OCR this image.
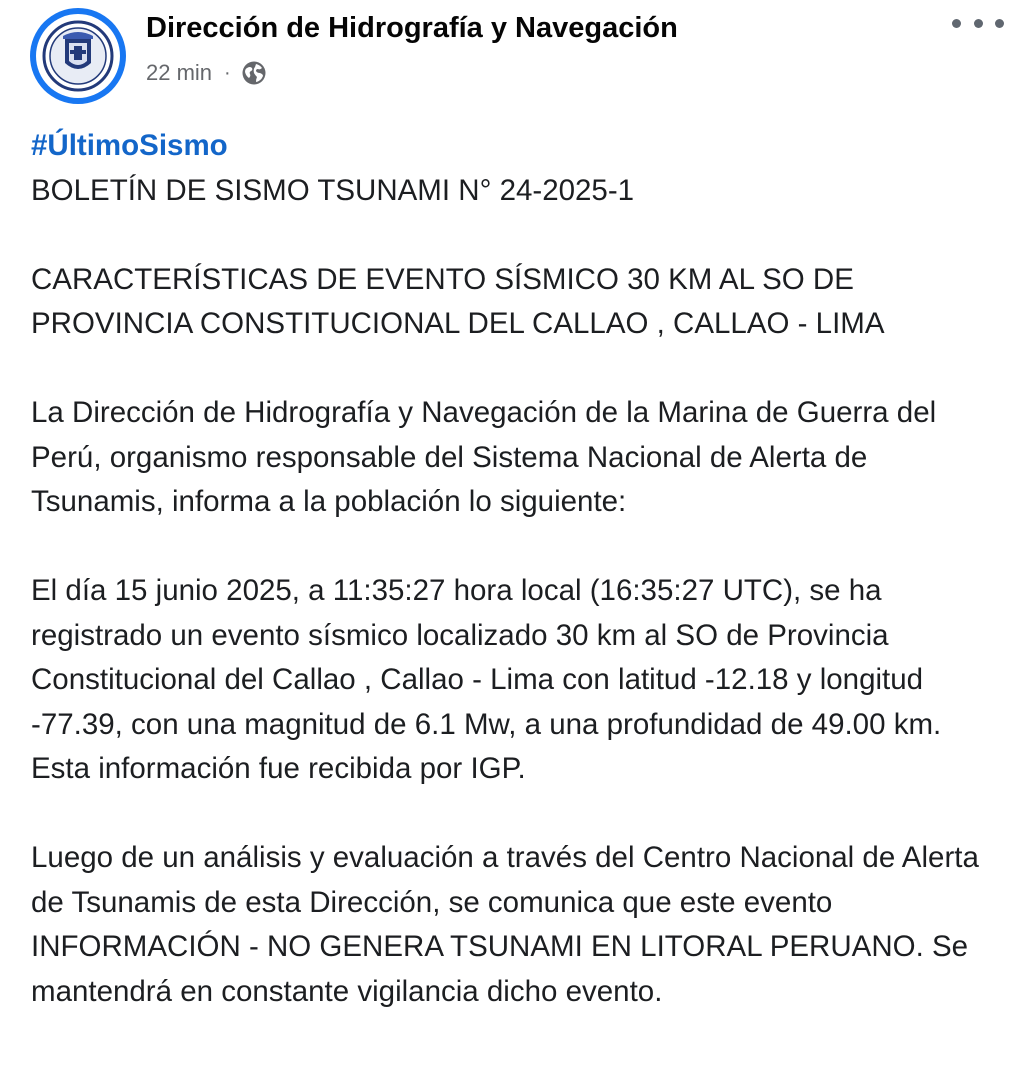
Dirección de Hidrografía y Navegación
22 min ·

#ÚltimoSismo

BOLETÍN DE SISMO TSUNAMI N° 24-2025-1

CARACTERÍSTICAS DE EVENTO SÍSMICO 30 KM AL SO DE PROVINCIA CONSTITUCIONAL DEL CALLAO , CALLAO - LIMA

La Dirección de Hidrografía y Navegación de la Marina de Guerra del Perú, organismo responsable del Sistema Nacional de Alerta de Tsunamis, informa a la población lo siguiente:

El día 15 junio 2025, a 11:35:27 hora local (16:35:27 UTC), se ha registrado un evento sísmico localizado 30 km al SO de Provincia Constitucional del Callao , Callao - Lima con latitud -12.18 y longitud -77.39, con una magnitud de 6.1 Mw, a una profundidad de 49.00 km. Esta información fue recibida por IGP.

Luego de un análisis y evaluación a través del Centro Nacional de Alerta de Tsunamis de esta Dirección, se comunica que este evento INFORMACIÓN - NO GENERA TSUNAMI EN LITORAL PERUANO. Se mantendrá en constante vigilancia dicho evento.
